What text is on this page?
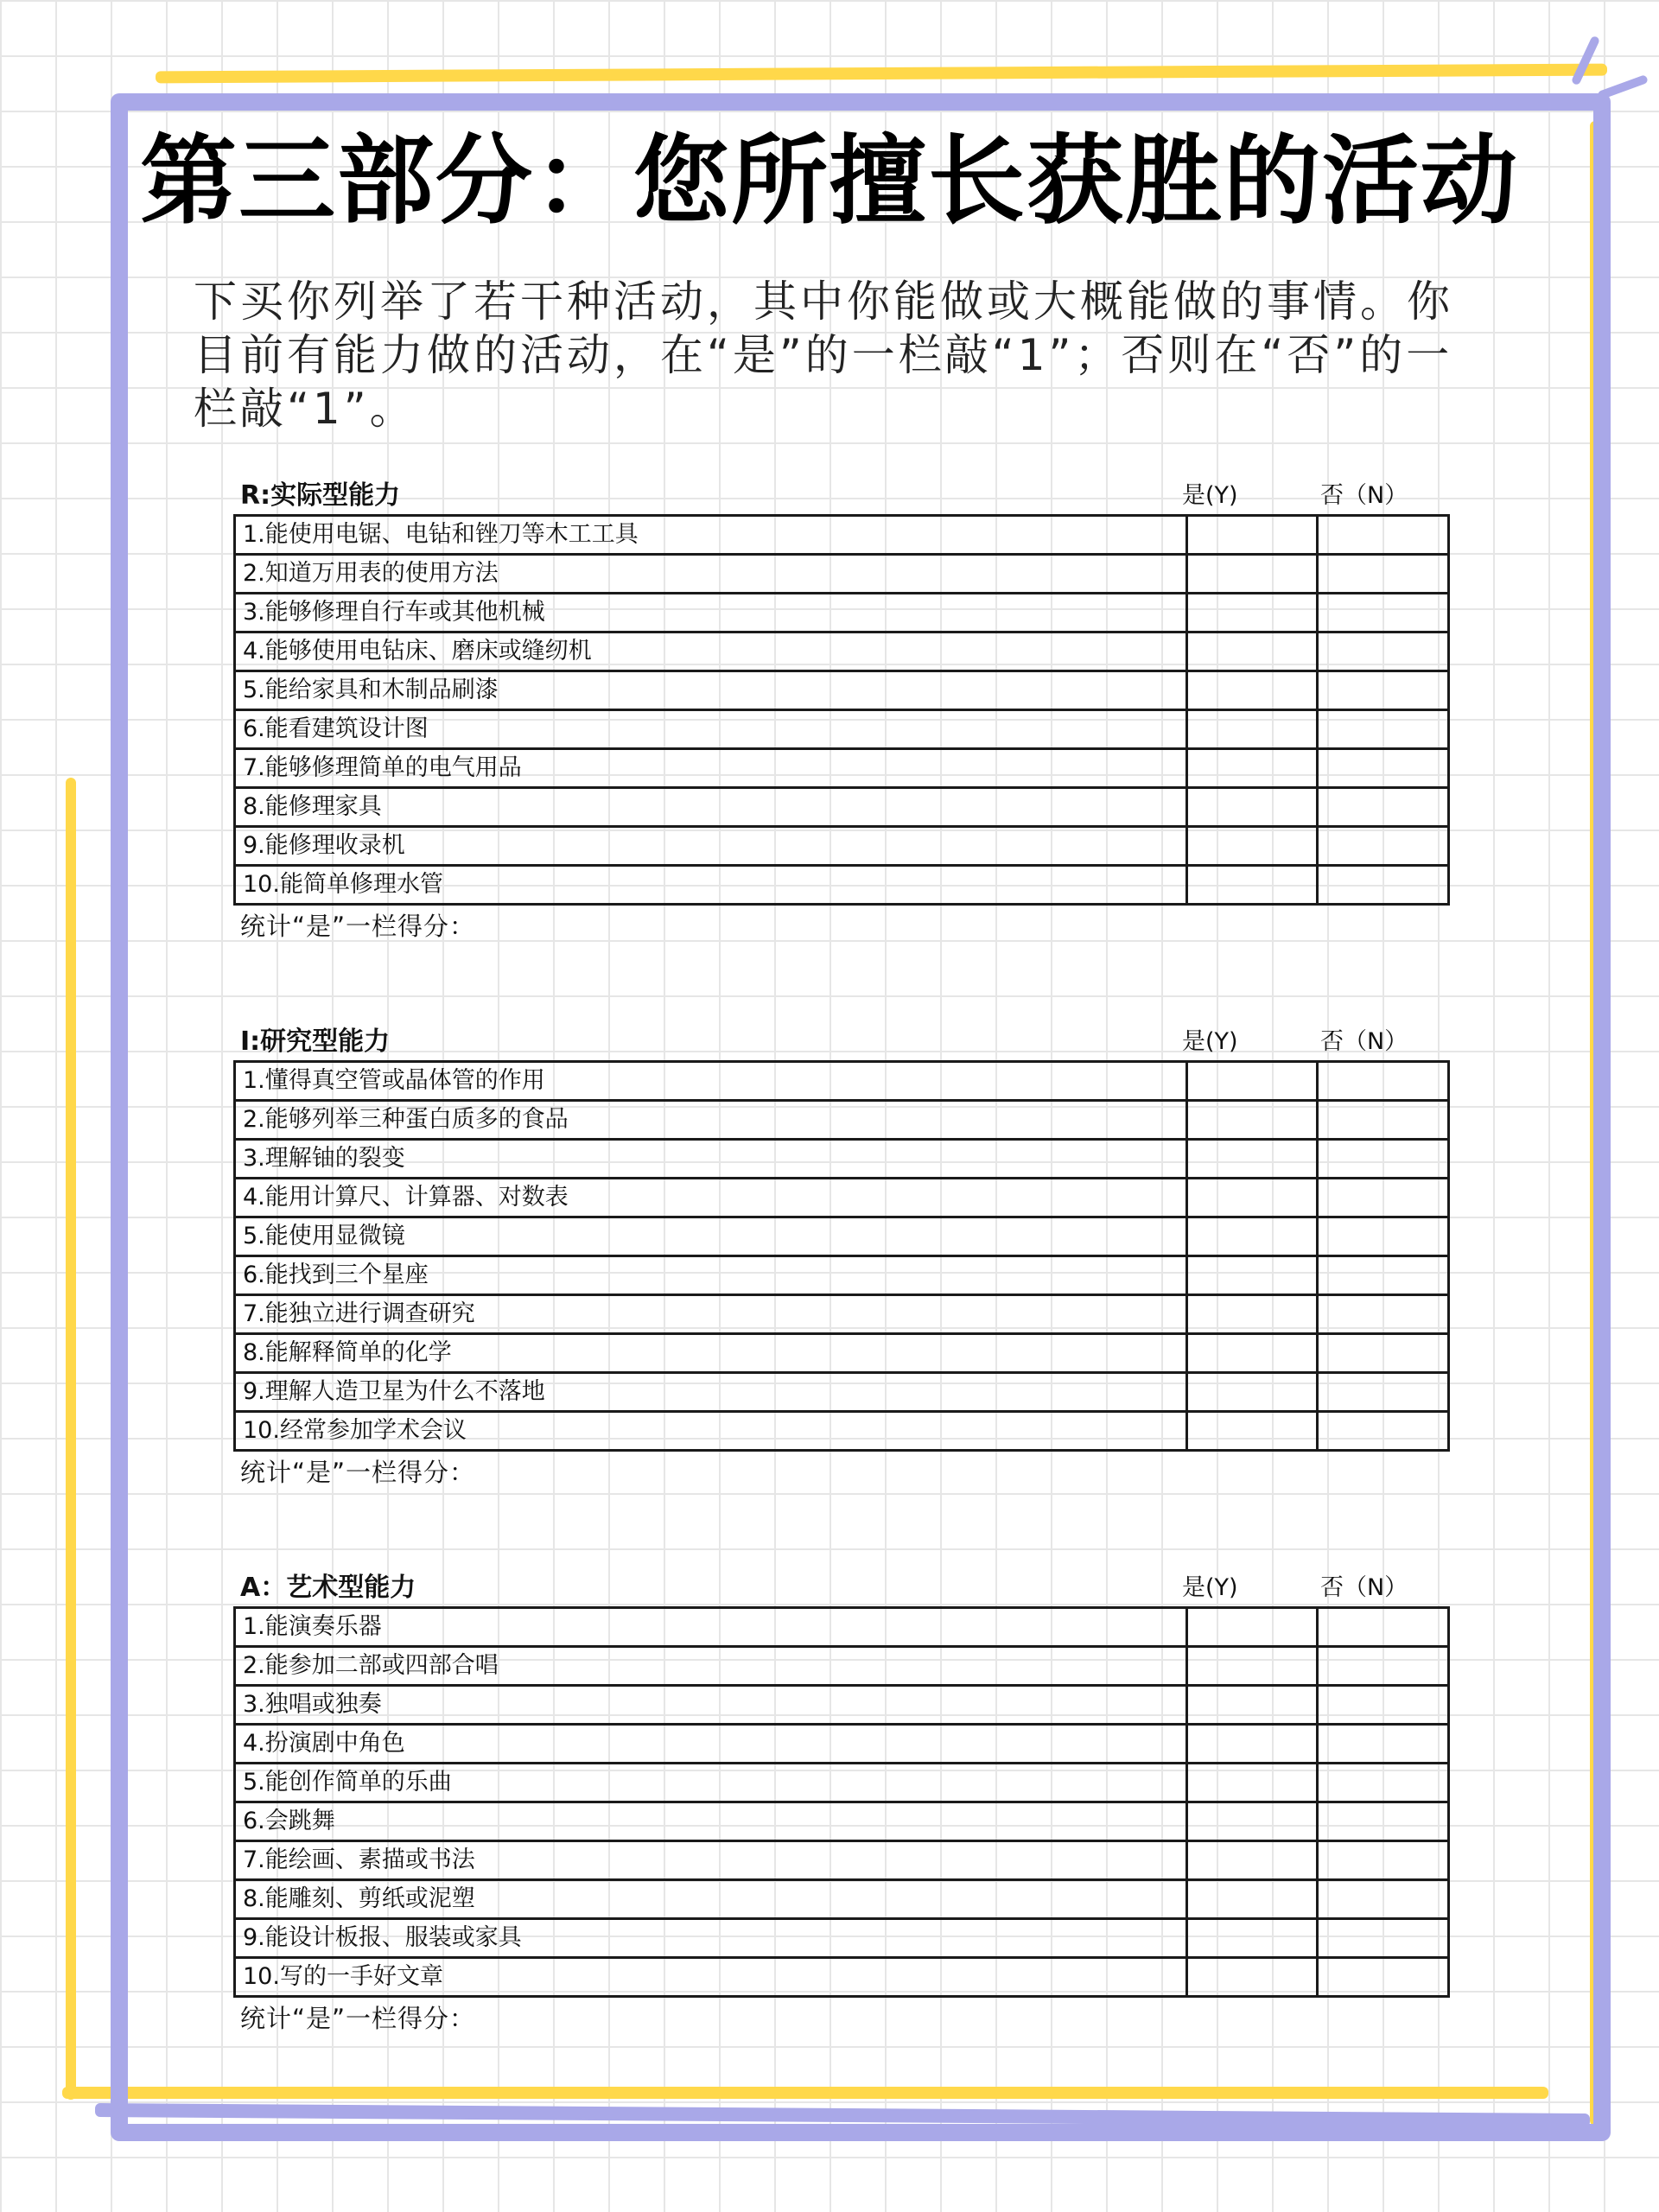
第三部分：您所擅长获胜的活动
下买你列举了若干种活动，其中你能做或大概能做的事情。你目前有能力做的活动，在“是”的一栏敲“1”；否则在“否”的一栏敲“1”。
R:实际型能力	是(Y)	否（N）
1.能使用电锯、电钻和锉刀等木工工具		
2.知道万用表的使用方法		
3.能够修理自行车或其他机械		
4.能够使用电钻床、磨床或缝纫机		
5.能给家具和木制品刷漆		
6.能看建筑设计图		
7.能够修理简单的电气用品		
8.能修理家具		
9.能修理收录机		
10.能简单修理水管		
统计“是”一栏得分：
I:研究型能力	是(Y)	否（N）
1.懂得真空管或晶体管的作用		
2.能够列举三种蛋白质多的食品		
3.理解铀的裂变		
4.能用计算尺、计算器、对数表		
5.能使用显微镜		
6.能找到三个星座		
7.能独立进行调查研究		
8.能解释简单的化学		
9.理解人造卫星为什么不落地		
10.经常参加学术会议		
统计“是”一栏得分：
A：艺术型能力	是(Y)	否（N）
1.能演奏乐器		
2.能参加二部或四部合唱		
3.独唱或独奏		
4.扮演剧中角色		
5.能创作简单的乐曲		
6.会跳舞		
7.能绘画、素描或书法		
8.能雕刻、剪纸或泥塑		
9.能设计板报、服装或家具		
10.写的一手好文章		
统计“是”一栏得分：
